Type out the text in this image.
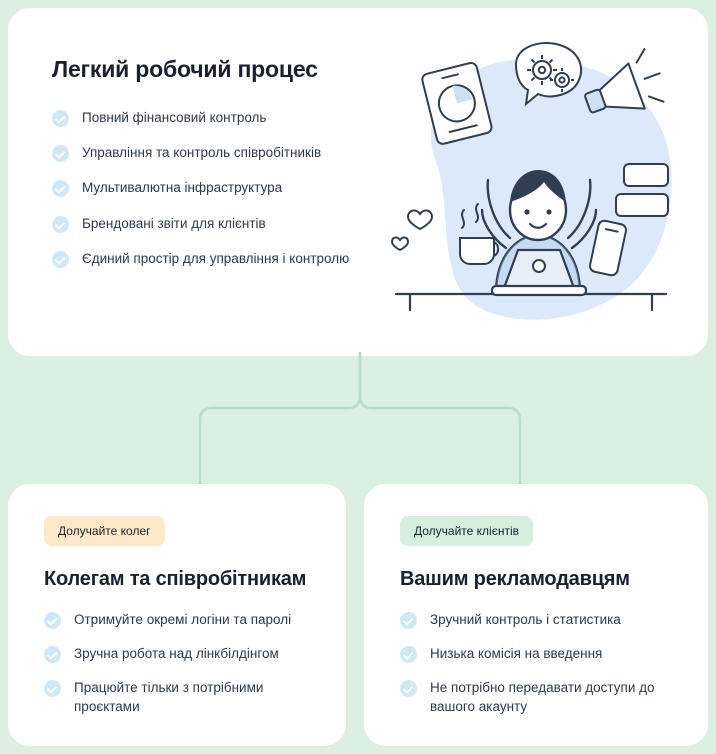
Легкий робочий процес
Повний фінансовий контроль
Управління та контроль співробітників
Мультивалютна інфраструктура
Брендовані звіти для клієнтів
Єдиний простір для управління і контролю
Долучайте колег
Колегам та співробітникам
Отримуйте окремі логіни та паролі
Зручна робота над лінкбілдінгом
Працюйте тільки з потрібними проєктами
Долучайте клієнтів
Вашим рекламодавцям
Зручний контроль і статистика
Низька комісія на введення
Не потрібно передавати доступи до вашого акаунту
